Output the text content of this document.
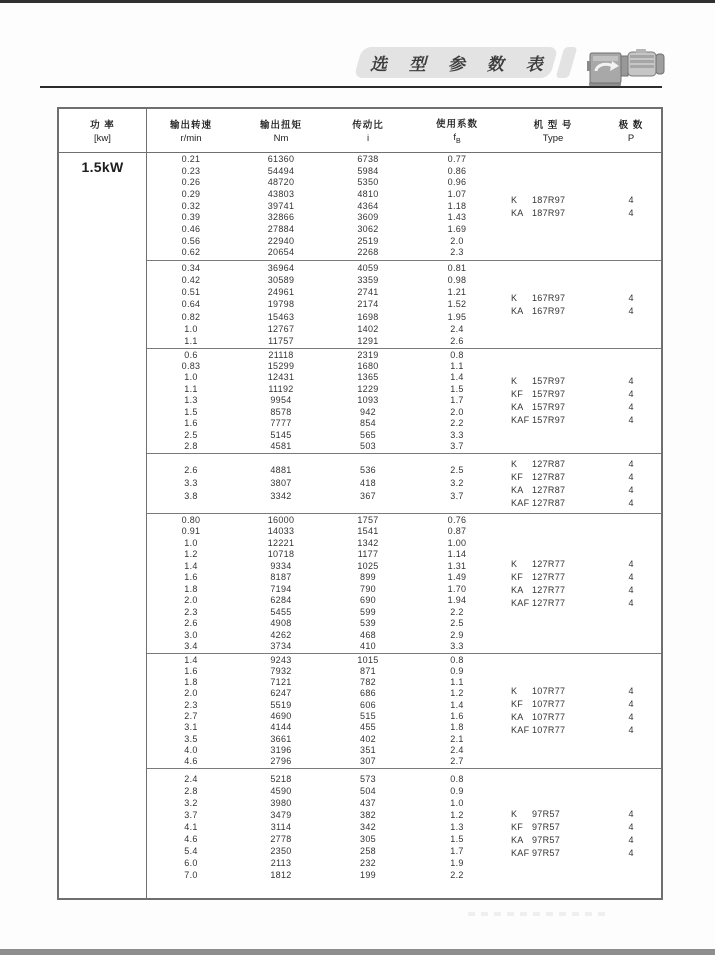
选 型 参 数 表
功 率
[kw]
输出转速
r/min
输出扭矩
Nm
传动比
i
使用系数
$f_B$
机 型 号
Type
极 数
P
1.5kW
0.21
0.23
0.26
0.29
0.32
0.39
0.46
0.56
0.62
61360
54494
48720
43803
39741
32866
27884
22940
20654
6738
5984
5350
4810
4364
3609
3062
2519
2268
0.77
0.86
0.96
1.07
1.18
1.43
1.69
2.0
2.3
K 187R97
KA 187R97
4
4
0.34
0.42
0.51
0.64
0.82
1.0
1.1
36964
30589
24961
19798
15463
12767
11757
4059
3359
2741
2174
1698
1402
1291
0.81
0.98
1.21
1.52
1.95
2.4
2.6
K 167R97
KA 167R97
4
4
0.6
0.83
1.0
1.1
1.3
1.5
1.6
2.5
2.8
21118
15299
12431
11192
9954
8578
7777
5145
4581
2319
1680
1365
1229
1093
942
854
565
503
0.8
1.1
1.4
1.5
1.7
2.0
2.2
3.3
3.7
K 157R97
KF 157R97
KA 157R97
KAF 157R97
4
4
4
4
2.6
3.3
3.8
4881
3807
3342
536
418
367
2.5
3.2
3.7
K 127R87
KF 127R87
KA 127R87
KAF 127R87
4
4
4
4
0.80
0.91
1.0
1.2
1.4
1.6
1.8
2.0
2.3
2.6
3.0
3.4
16000
14033
12221
10718
9334
8187
7194
6284
5455
4908
4262
3734
1757
1541
1342
1177
1025
899
790
690
599
539
468
410
0.76
0.87
1.00
1.14
1.31
1.49
1.70
1.94
2.2
2.5
2.9
3.3
K 127R77
KF 127R77
KA 127R77
KAF 127R77
4
4
4
4
1.4
1.6
1.8
2.0
2.3
2.7
3.1
3.5
4.0
4.6
9243
7932
7121
6247
5519
4690
4144
3661
3196
2796
1015
871
782
686
606
515
455
402
351
307
0.8
0.9
1.1
1.2
1.4
1.6
1.8
2.1
2.4
2.7
K 107R77
KF 107R77
KA 107R77
KAF 107R77
4
4
4
4
2.4
2.8
3.2
3.7
4.1
4.6
5.4
6.0
7.0
5218
4590
3980
3479
3114
2778
2350
2113
1812
573
504
437
382
342
305
258
232
199
0.8
0.9
1.0
1.2
1.3
1.5
1.7
1.9
2.2
K 97R57
KF 97R57
KA 97R57
KAF 97R57
4
4
4
4
